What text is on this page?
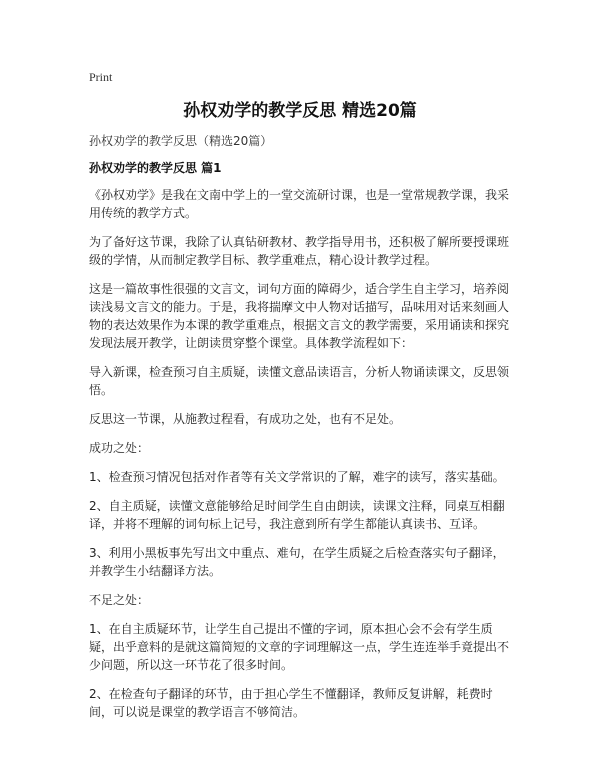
Print
孙权劝学的教学反思 精选20篇
孙权劝学的教学反思（精选20篇）
孙权劝学的教学反思 篇1

《孙权劝学》是我在文南中学上的一堂交流研讨课，也是一堂常规教学课，我采用传统的教学方式。

为了备好这节课，我除了认真钻研教材、教学指导用书，还积极了解所要授课班级的学情，从而制定教学目标、教学重难点，精心设计教学过程。

这是一篇故事性很强的文言文，词句方面的障碍少，适合学生自主学习，培养阅读浅易文言文的能力。于是，我将揣摩文中人物对话描写，品味用对话来刻画人物的表达效果作为本课的教学重难点，根据文言文的教学需要，采用诵读和探究发现法展开教学，让朗读贯穿整个课堂。具体教学流程如下：

导入新课，检查预习自主质疑，读懂文意品读语言，分析人物诵读课文，反思领悟。

反思这一节课，从施教过程看，有成功之处，也有不足处。

成功之处：

1、检查预习情况包括对作者等有关文学常识的了解，难字的读写，落实基础。

2、自主质疑，读懂文意能够给足时间学生自由朗读，读课文注释，同桌互相翻译，并将不理解的词句标上记号，我注意到所有学生都能认真读书、互译。

3、利用小黑板事先写出文中重点、难句，在学生质疑之后检查落实句子翻译，并教学生小结翻译方法。

不足之处：

1、在自主质疑环节，让学生自己提出不懂的字词，原本担心会不会有学生质疑，出乎意料的是就这篇简短的文章的字词理解这一点，学生连连举手竟提出不少问题，所以这一环节花了很多时间。

2、在检查句子翻译的环节，由于担心学生不懂翻译，教师反复讲解，耗费时间，可以说是课堂的教学语言不够简洁。
